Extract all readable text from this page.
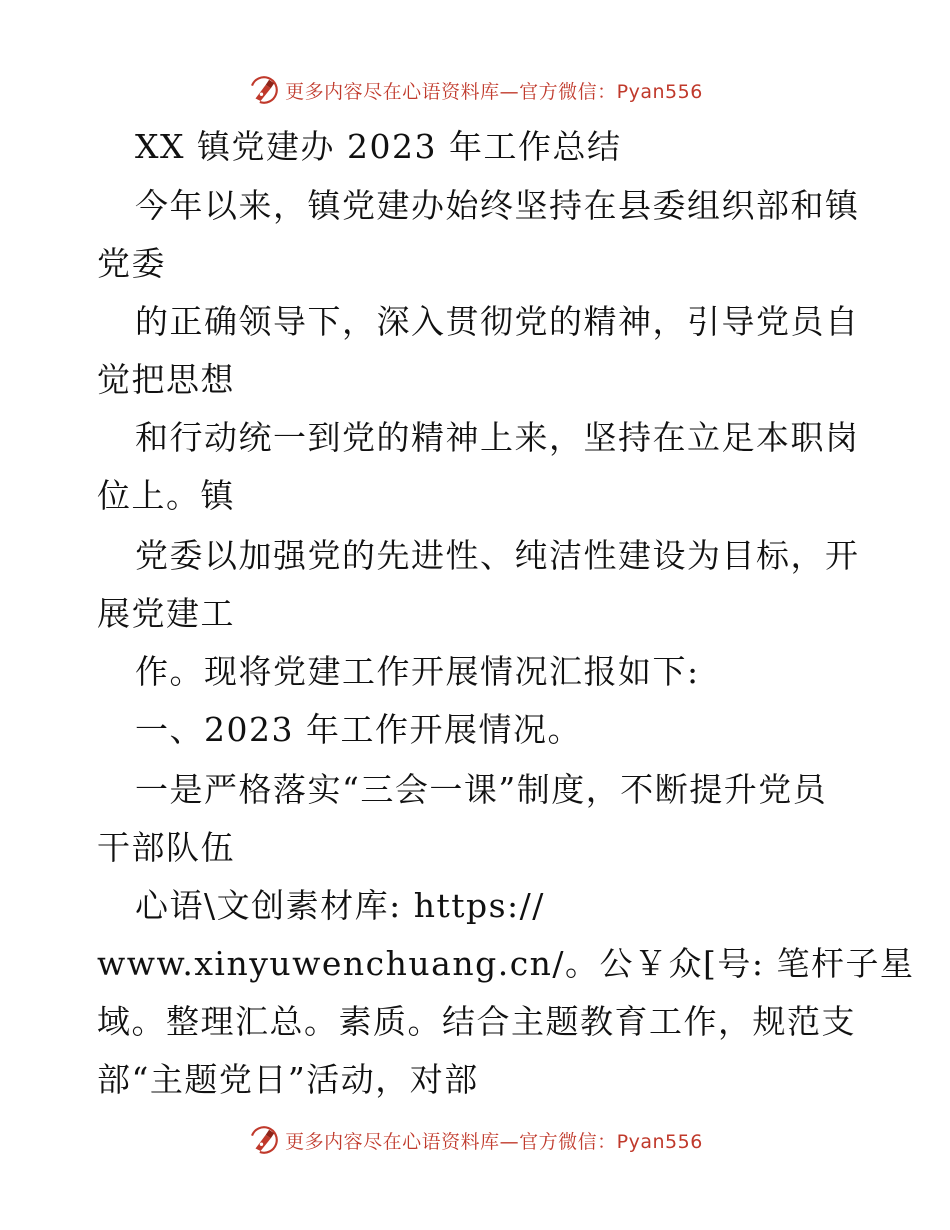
更多内容尽在心语资料库—官方微信：Pyan556
XX 镇党建办 2023 年工作总结
今年以来，镇党建办始终坚持在县委组织部和镇
党委
的正确领导下，深入贯彻党的精神，引导党员自
觉把思想
和行动统一到党的精神上来，坚持在立足本职岗
位上。镇
党委以加强党的先进性、纯洁性建设为目标，开
展党建工
作。现将党建工作开展情况汇报如下:
一、2023 年工作开展情况。
一是严格落实“三会一课”制度，不断提升党员
干部队伍
心语\文创素材库: https://
www.xinyuwenchuang.cn/。公￥众[号: 笔杆子星
域。整理汇总。素质。结合主题教育工作，规范支
部“主题党日”活动，对部
更多内容尽在心语资料库—官方微信：Pyan556
